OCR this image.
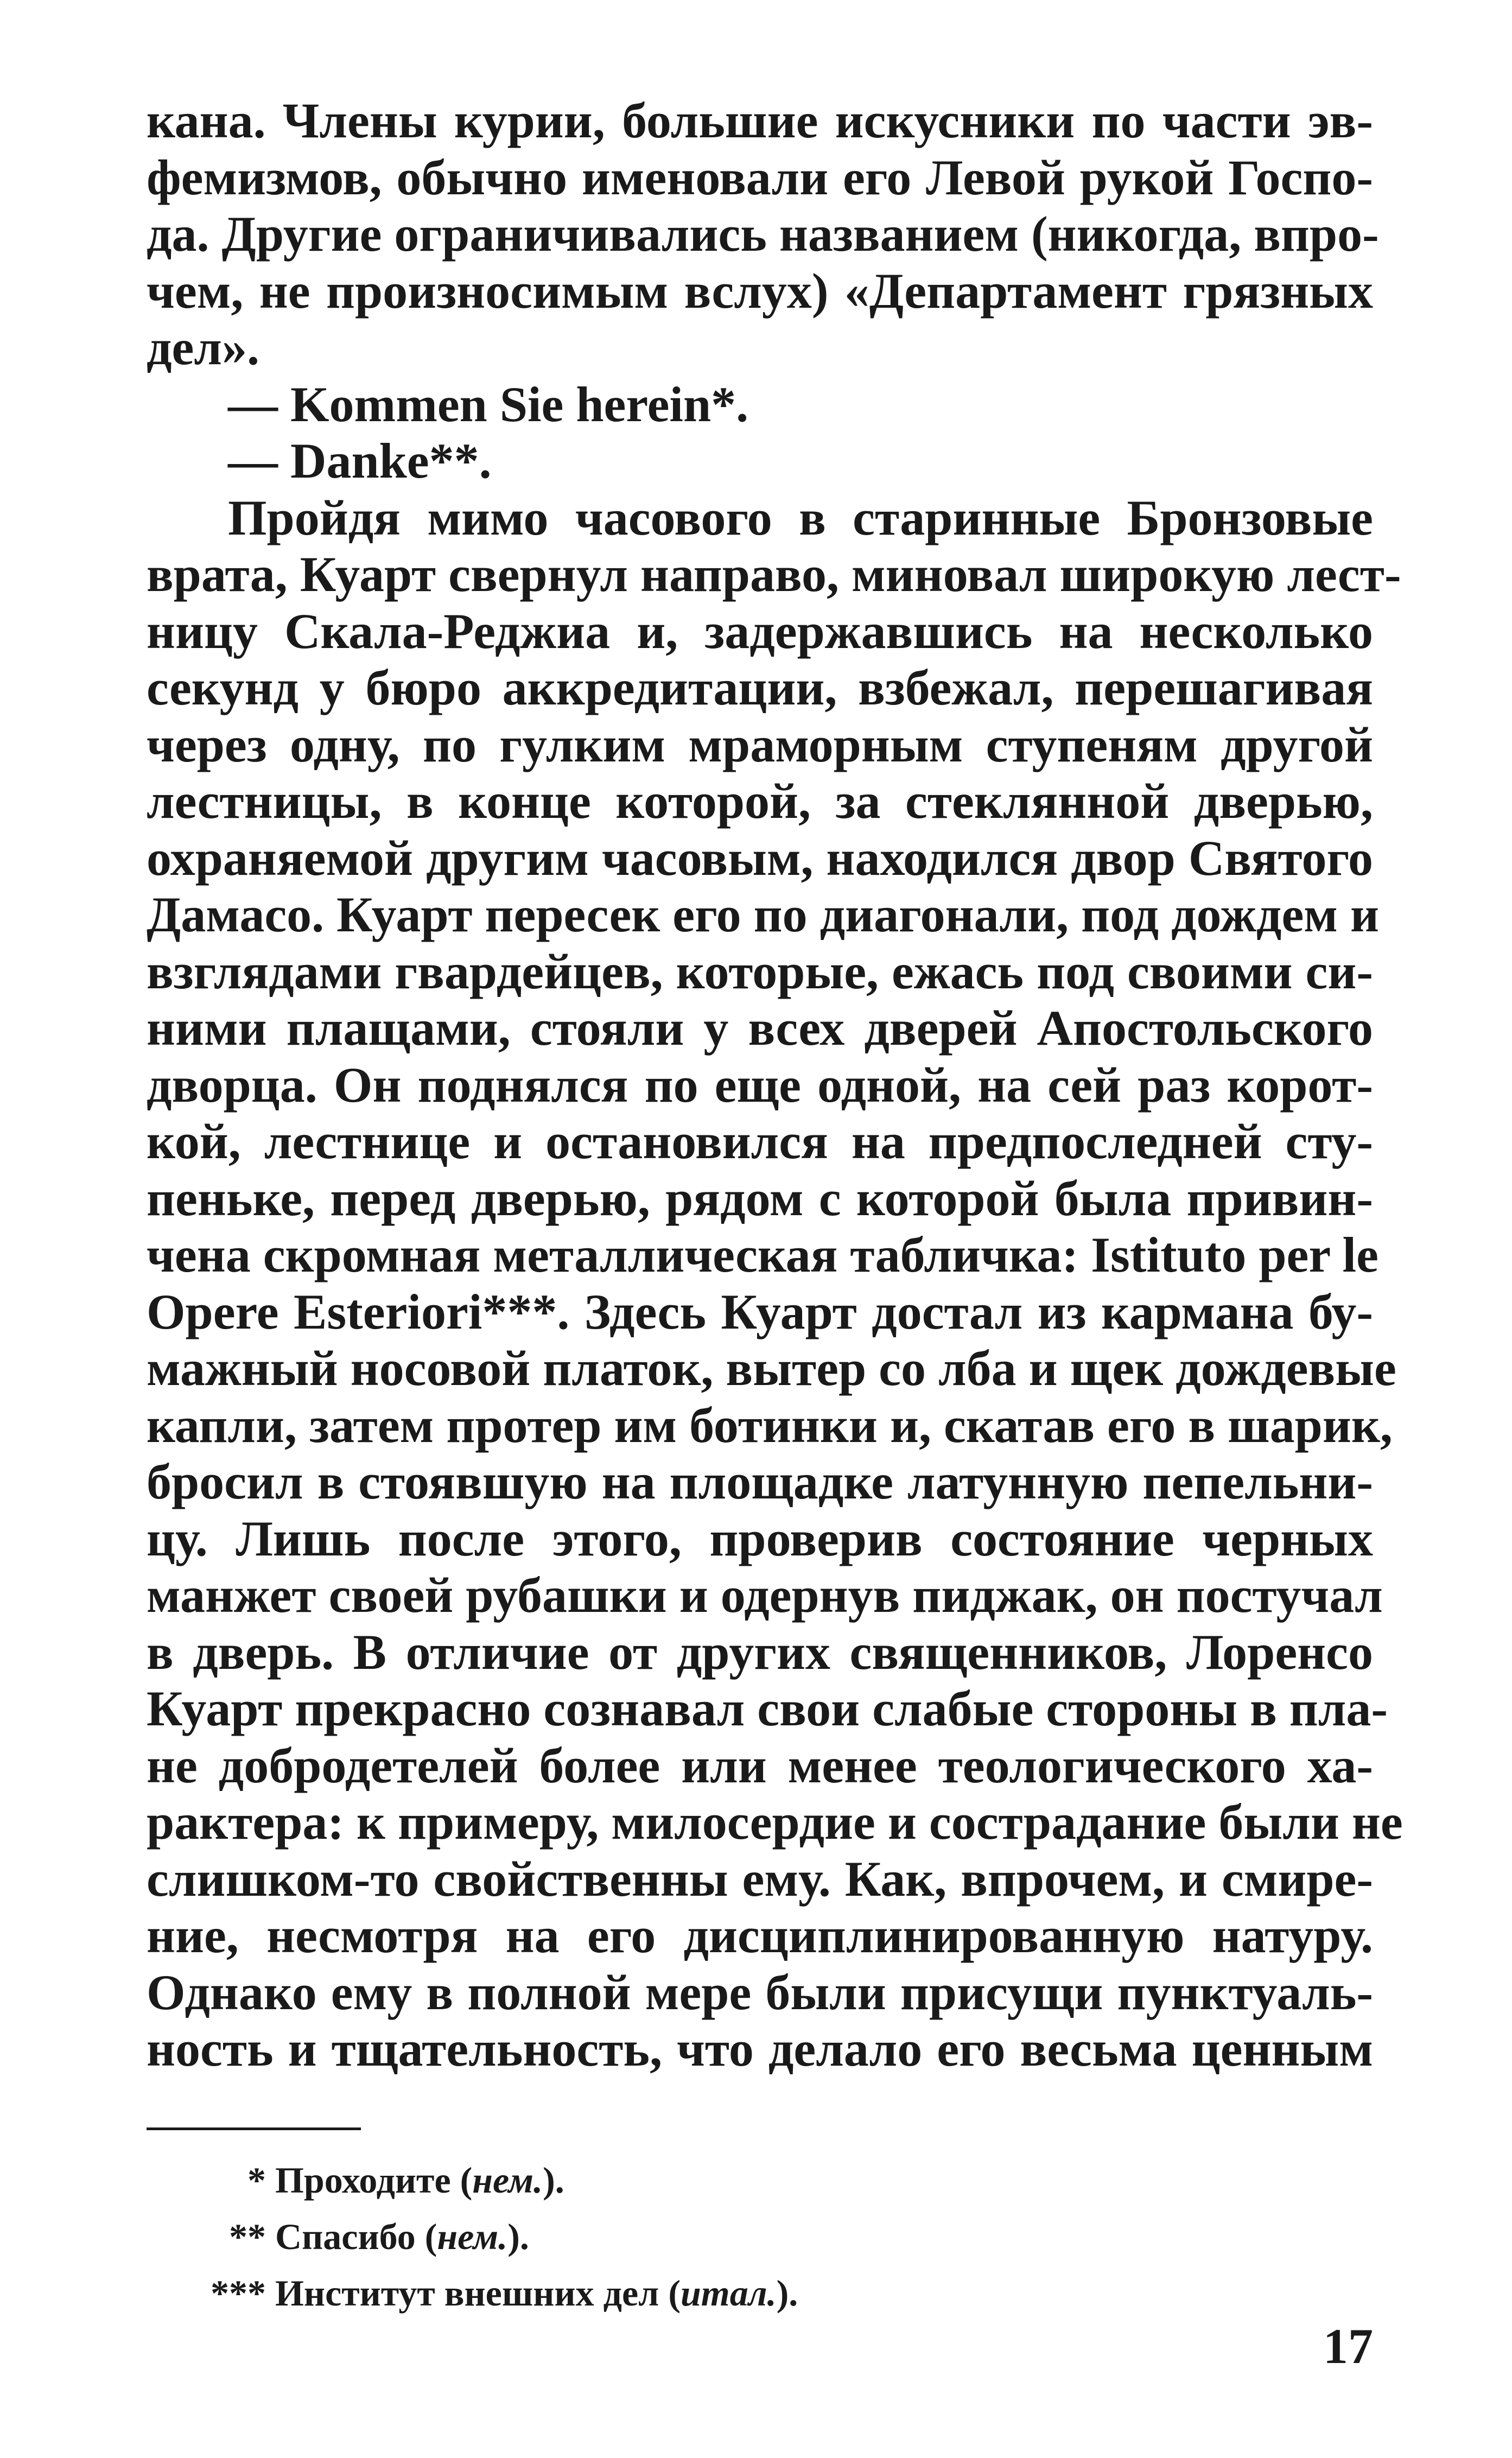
кана. Члены курии, большие искусники по части эв-
фемизмов, обычно именовали его Левой рукой Госпо-
да. Другие ограничивались названием (никогда, впро-
чем, не произносимым вслух) «Департамент грязных
дел».
— Kommen Sie herein*.
— Danke**.
Пройдя мимо часового в старинные Бронзовые
врата, Куарт свернул направо, миновал широкую лест-
ницу Скала-Реджиа и, задержавшись на несколько
секунд у бюро аккредитации, взбежал, перешагивая
через одну, по гулким мраморным ступеням другой
лестницы, в конце которой, за стеклянной дверью,
охраняемой другим часовым, находился двор Святого
Дамасо. Куарт пересек его по диагонали, под дождем и
взглядами гвардейцев, которые, ежась под своими си-
ними плащами, стояли у всех дверей Апостольского
дворца. Он поднялся по еще одной, на сей раз корот-
кой, лестнице и остановился на предпоследней сту-
пеньке, перед дверью, рядом с которой была привин-
чена скромная металлическая табличка: Istituto per le
Opere Esteriori***. Здесь Куарт достал из кармана бу-
мажный носовой платок, вытер со лба и щек дождевые
капли, затем протер им ботинки и, скатав его в шарик,
бросил в стоявшую на площадке латунную пепельни-
цу. Лишь после этого, проверив состояние черных
манжет своей рубашки и одернув пиджак, он постучал
в дверь. В отличие от других священников, Лоренсо
Куарт прекрасно сознавал свои слабые стороны в пла-
не добродетелей более или менее теологического ха-
рактера: к примеру, милосердие и сострадание были не
слишком-то свойственны ему. Как, впрочем, и смире-
ние, несмотря на его дисциплинированную натуру.
Однако ему в полной мере были присущи пунктуаль-
ность и тщательность, что делало его весьма ценным
* Проходите (нем.).
** Спасибо (нем.).
*** Институт внешних дел (итал.).
17
